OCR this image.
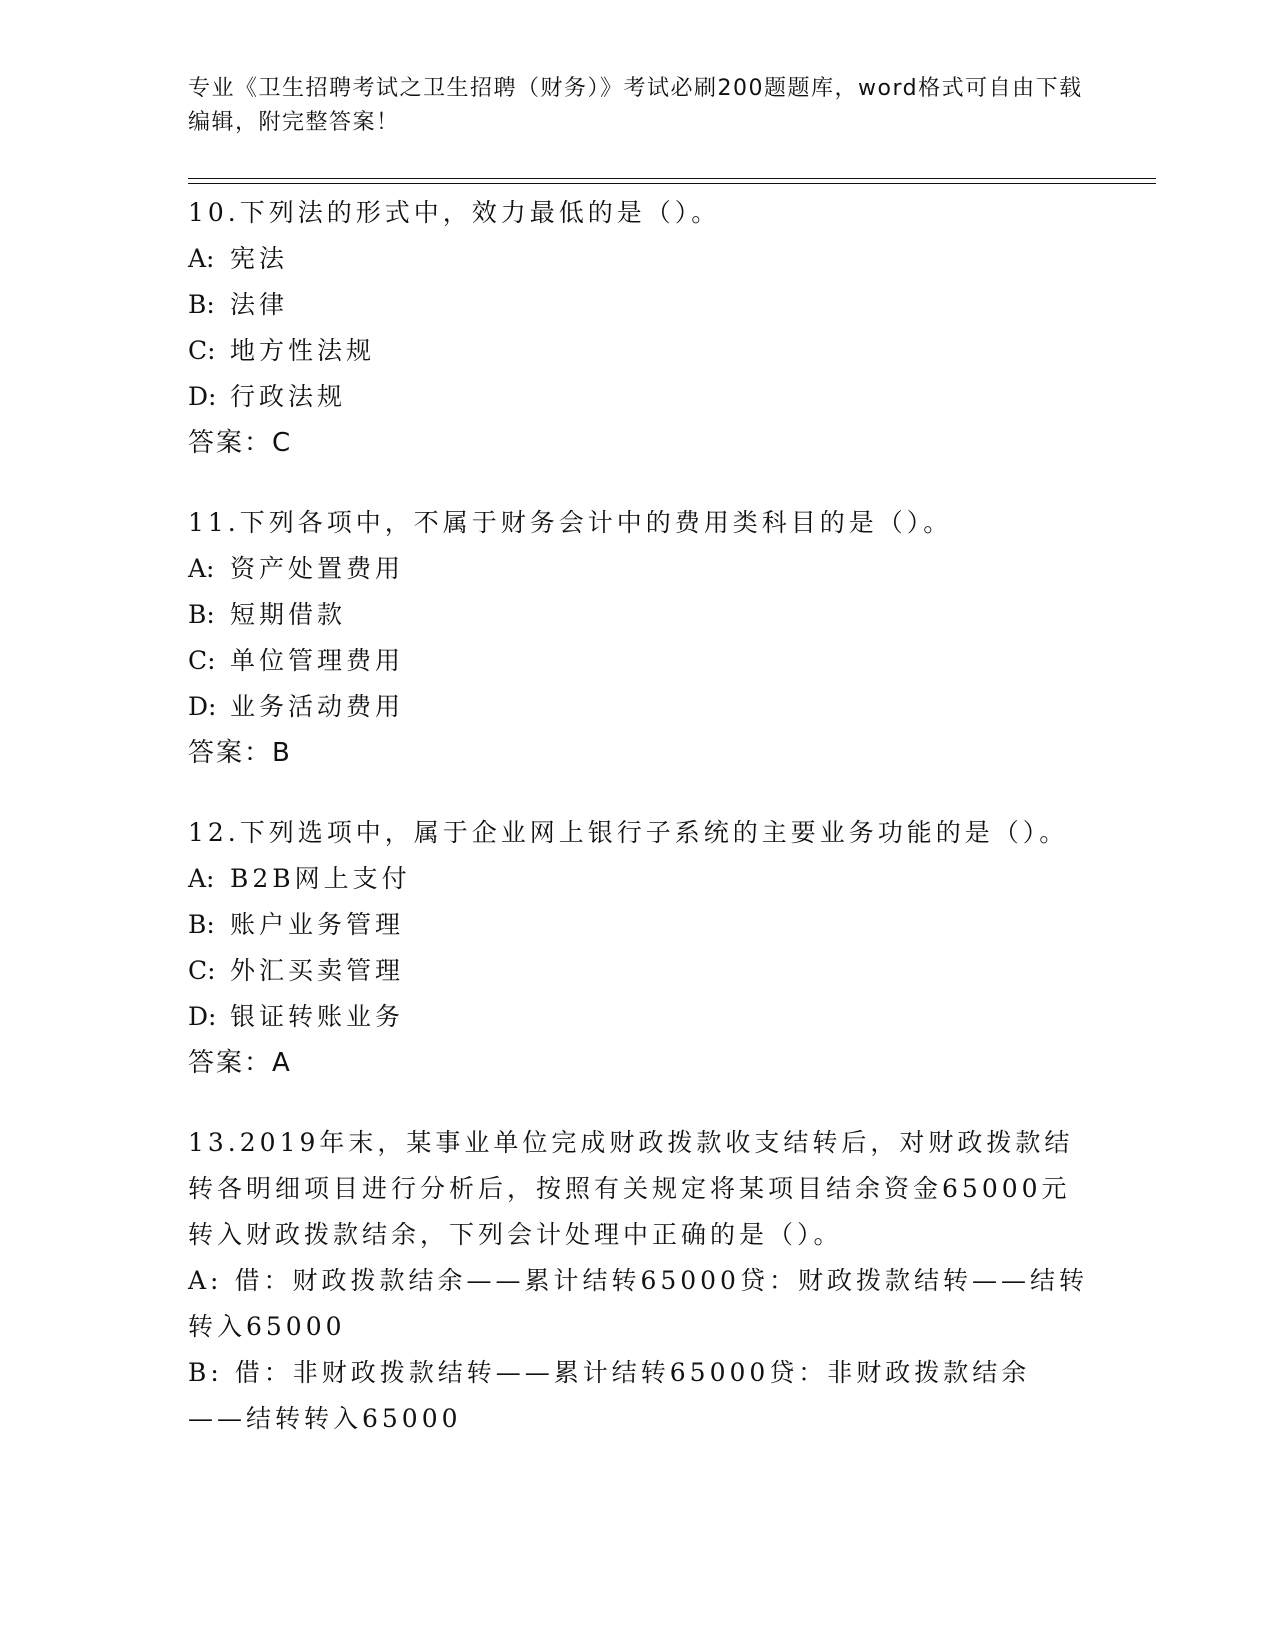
专业《卫生招聘考试之卫生招聘（财务）》考试必刷200题题库，word格式可自由下载编辑，附完整答案！
10.下列法的形式中，效力最低的是（）。
A: 宪法
B: 法律
C: 地方性法规
D: 行政法规
答案：C
11.下列各项中，不属于财务会计中的费用类科目的是（）。
A: 资产处置费用
B: 短期借款
C: 单位管理费用
D: 业务活动费用
答案：B
12.下列选项中，属于企业网上银行子系统的主要业务功能的是（）。
A: B2B网上支付
B: 账户业务管理
C: 外汇买卖管理
D: 银证转账业务
答案：A
13.2019年末，某事业单位完成财政拨款收支结转后，对财政拨款结转各明细项目进行分析后，按照有关规定将某项目结余资金65000元转入财政拨款结余，下列会计处理中正确的是（）。
A: 借：财政拨款结余——累计结转65000贷：财政拨款结转——结转转入65000
B: 借：非财政拨款结转——累计结转65000贷：非财政拨款结余——结转转入65000
